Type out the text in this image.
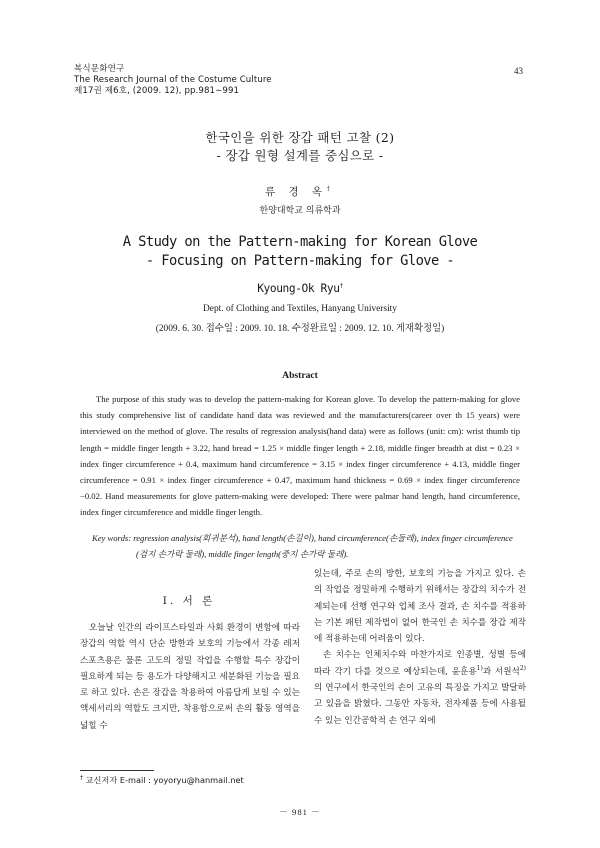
복식문화연구
The Research Journal of the Costume Culture
제17권 제6호, (2009. 12), pp.981∼991
43
한국인을 위한 장갑 패턴 고찰 (2)
- 장갑 원형 설계를 중심으로 -
류 경 옥†
한양대학교 의류학과
A Study on the Pattern-making for Korean Glove
- Focusing on Pattern-making for Glove -
Kyoung-Ok Ryu†
Dept. of Clothing and Textiles, Hanyang University
(2009. 6. 30. 접수일 : 2009. 10. 18. 수정완료일 : 2009. 12. 10. 게재확정일)
Abstract

The purpose of this study was to develop the pattern-making for Korean glove. To develop the pattern-making for glove this study comprehensive list of candidate hand data was reviewed and the manufacturers(career over th 15 years) were interviewed on the method of glove. The results of regression analysis(hand data) were as follows (unit: cm): wrist thumb tip length = middle finger length + 3.22, hand bread = 1.25 × middle finger length + 2.18, middle finger breadth at dist = 0.23 × index finger circumference + 0.4, maximum hand circumference = 3.15 × index finger circumference + 4.13, middle finger circumference = 0.91 × index finger circumference + 0.47, maximum hand thickness = 0.69 × index finger circumference −0.02. Hand measurements for glove pattern-making were developed: There were palmar hand length, hand circumference, index finger circumference and middle finger length.

Key words: regression analysis(회귀분석), hand length(손길이), hand circumference(손둘레), index finger circumference
(검지 손가락 둘레), middle finger length(중지 손가락 둘레).

Ⅰ. 서 론

오늘날 인간의 라이프스타일과 사회 환경이 변함에 따라 장갑의 역할 역시 단순 방한과 보호의 기능에서 각종 레저 스포츠용은 물론 고도의 정밀 작업을 수행할 특수 장갑이 필요하게 되는 등 용도가 다양해지고 세분화된 기능을 필요로 하고 있다. 손은 장갑을 착용하여 아름답게 보일 수 있는 액세서리의 역할도 크지만, 착용함으로써 손의 활동 영역을 넓힐 수

있는데, 주로 손의 방한, 보호의 기능을 가지고 있다. 손의 작업을 정밀하게 수행하기 위해서는 장갑의 치수가 전제되는데 선행 연구와 업체 조사 결과, 손 치수를 적용하는 기본 패턴 제작법이 없어 한국인 손 치수를 장갑 제작에 적용하는데 어려움이 있다.
손 치수는 인체치수와 마찬가지로 인종별, 성별 등에 따라 각기 다를 것으로 예상되는데, 윤훈용$^{1)}$과 서원석$^{2)}$의 연구에서 한국인의 손이 고유의 특징을 가지고 발달하고 있음을 밝혔다. 그동안 자동차, 전자제품 등에 사용될 수 있는 인간공학적 손 연구 외에
† 교신저자 E-mail : yoyoryu@hanmail.net
－ 981 －
